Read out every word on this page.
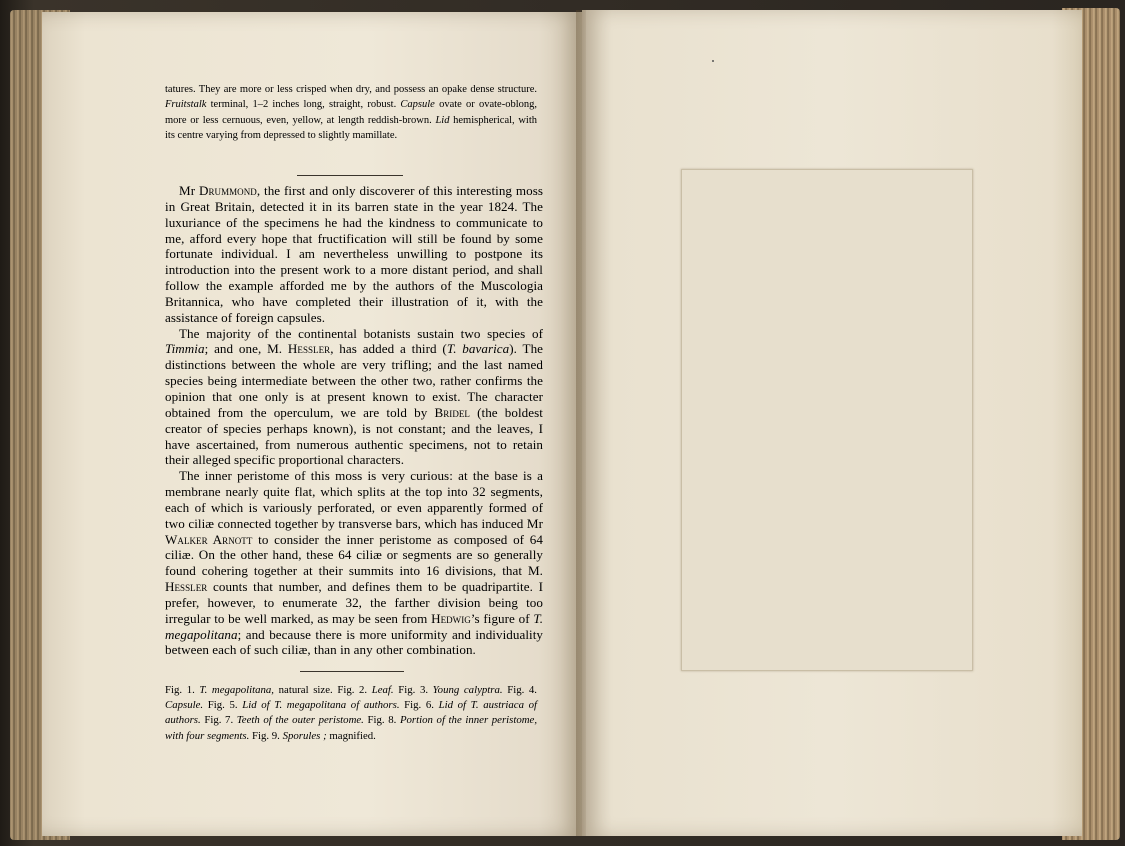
tatures. They are more or less crisped when dry, and possess an opake dense structure. Fruitstalk terminal, 1–2 inches long, straight, robust. Capsule ovate or ovate-oblong, more or less cernuous, even, yellow, at length reddish-brown. Lid hemispherical, with its centre varying from depressed to slightly mamillate.

Mr Drummond, the first and only discoverer of this interesting moss in Great Britain, detected it in its barren state in the year 1824. The luxuriance of the specimens he had the kindness to communicate to me, afford every hope that fructification will still be found by some fortunate individual. I am nevertheless unwilling to postpone its introduction into the present work to a more distant period, and shall follow the example afforded me by the authors of the Muscologia Britannica, who have completed their illustration of it, with the assistance of foreign capsules.

The majority of the continental botanists sustain two species of Timmia; and one, M. Hessler, has added a third (T. bavarica). The distinctions between the whole are very trifling; and the last named species being intermediate between the other two, rather confirms the opinion that one only is at present known to exist. The character obtained from the operculum, we are told by Bridel (the boldest creator of species perhaps known), is not constant; and the leaves, I have ascertained, from numerous authentic specimens, not to retain their alleged specific proportional characters.

The inner peristome of this moss is very curious: at the base is a membrane nearly quite flat, which splits at the top into 32 segments, each of which is variously perforated, or even apparently formed of two ciliæ connected together by transverse bars, which has induced Mr Walker Arnott to consider the inner peristome as composed of 64 ciliæ. On the other hand, these 64 ciliæ or segments are so generally found cohering together at their summits into 16 divisions, that M. Hessler counts that number, and defines them to be quadripartite. I prefer, however, to enumerate 32, the farther division being too irregular to be well marked, as may be seen from Hedwig’s figure of T. megapolitana; and because there is more uniformity and individuality between each of such ciliæ, than in any other combination.

Fig. 1. T. megapolitana, natural size. Fig. 2. Leaf. Fig. 3. Young calyptra. Fig. 4. Capsule. Fig. 5. Lid of T. megapolitana of authors. Fig. 6. Lid of T. austriaca of authors. Fig. 7. Teeth of the outer peristome. Fig. 8. Portion of the inner peristome, with four segments. Fig. 9. Sporules ; magnified.
